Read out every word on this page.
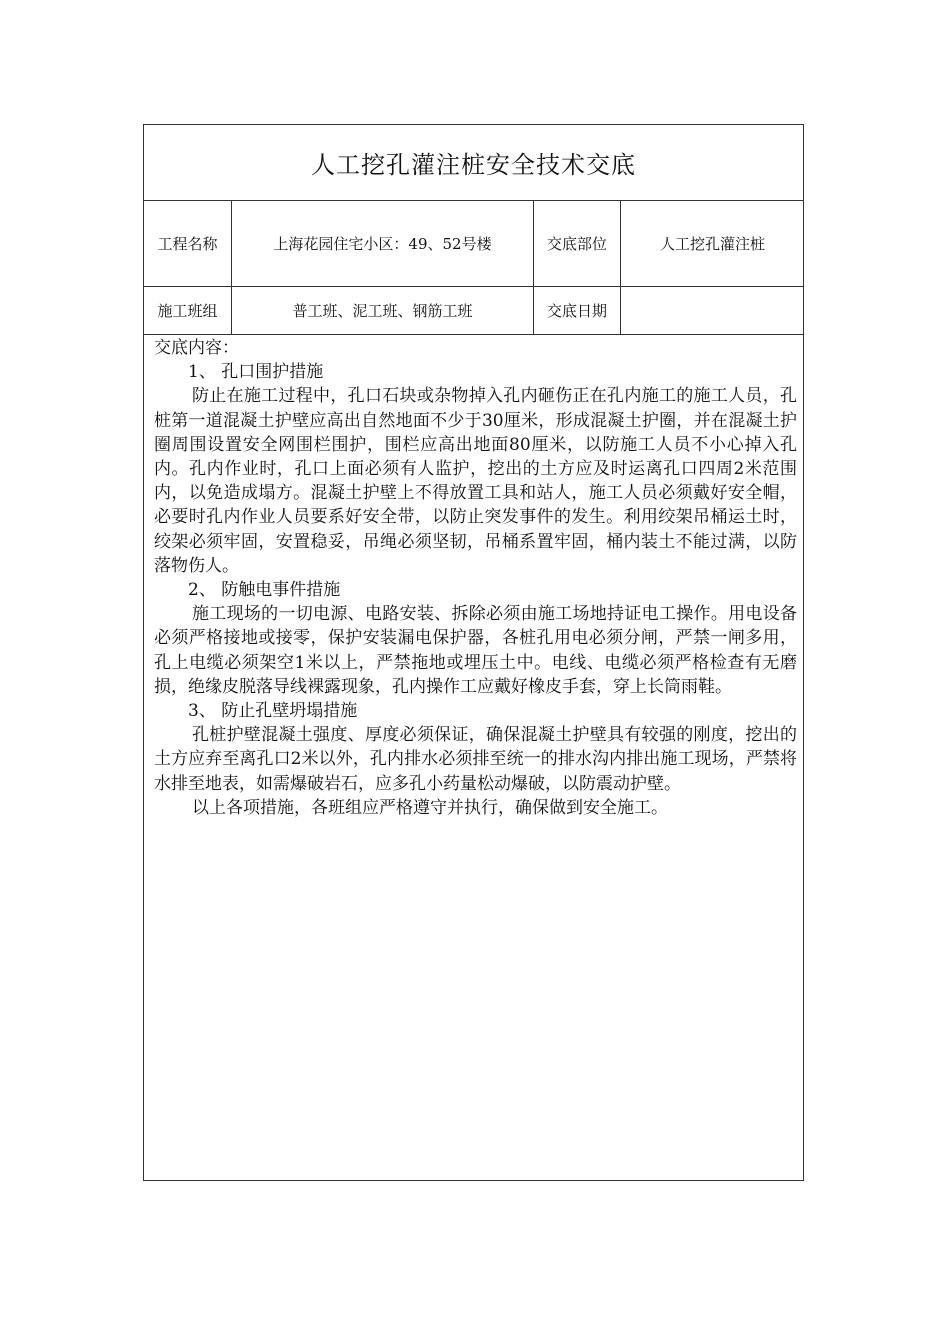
人工挖孔灌注桩安全技术交底
工程名称	上海花园住宅小区：49、52号楼	交底部位	人工挖孔灌注桩
施工班组	普工班、泥工班、钢筋工班	交底日期

交底内容：

1、 孔口围护措施

防止在施工过程中，孔口石块或杂物掉入孔内砸伤正在孔内施工的施工人员，孔桩第一道混凝土护壁应高出自然地面不少于30厘米，形成混凝土护圈，并在混凝土护圈周围设置安全网围栏围护，围栏应高出地面80厘米，以防施工人员不小心掉入孔内。孔内作业时，孔口上面必须有人监护，挖出的土方应及时运离孔口四周2米范围内，以免造成塌方。混凝土护壁上不得放置工具和站人，施工人员必须戴好安全帽，必要时孔内作业人员要系好安全带，以防止突发事件的发生。利用绞架吊桶运土时，绞架必须牢固，安置稳妥，吊绳必须坚韧，吊桶系置牢固，桶内装土不能过满，以防落物伤人。

2、 防触电事件措施

施工现场的一切电源、电路安装、拆除必须由施工场地持证电工操作。用电设备必须严格接地或接零，保护安装漏电保护器，各桩孔用电必须分闸，严禁一闸多用，孔上电缆必须架空1米以上，严禁拖地或埋压土中。电线、电缆必须严格检查有无磨损，绝缘皮脱落导线裸露现象，孔内操作工应戴好橡皮手套，穿上长筒雨鞋。

3、 防止孔壁坍塌措施

孔桩护壁混凝土强度、厚度必须保证，确保混凝土护壁具有较强的刚度，挖出的土方应弃至离孔口2米以外，孔内排水必须排至统一的排水沟内排出施工现场，严禁将水排至地表，如需爆破岩石，应多孔小药量松动爆破，以防震动护壁。

以上各项措施，各班组应严格遵守并执行，确保做到安全施工。
